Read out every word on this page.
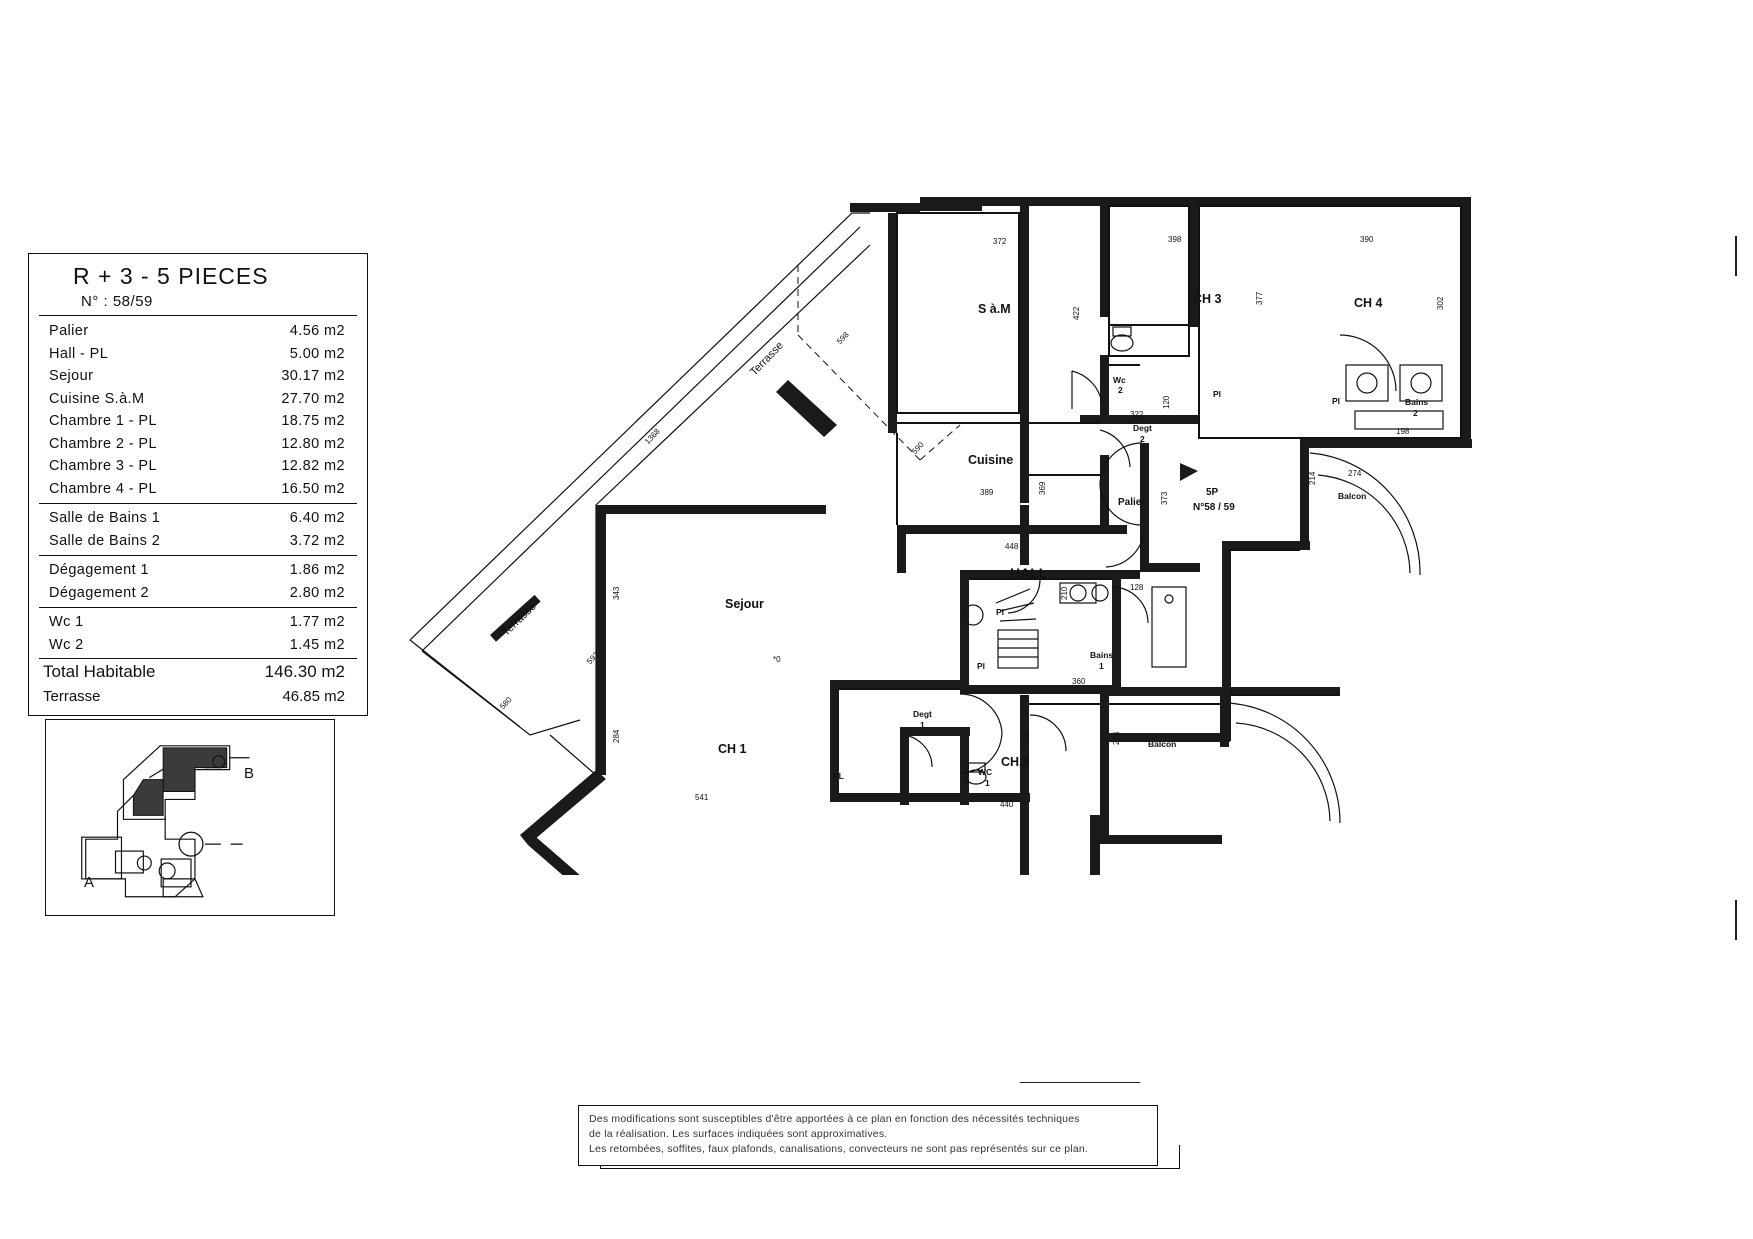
R + 3 - 5 PIECES
N° : 58/59
Palier	4.56 m2
Hall - PL	5.00 m2
Sejour	30.17 m2
Cuisine S.à.M	27.70 m2
Chambre 1 - PL	18.75 m2
Chambre 2 - PL	12.80 m2
Chambre 3 - PL	12.82 m2
Chambre 4 - PL	16.50 m2
Salle de Bains 1	6.40 m2
Salle de Bains 2	3.72 m2
Dégagement 1	1.86 m2
Dégagement 2	2.80 m2
Wc 1	1.77 m2
Wc 2	1.45 m2
Total Habitable	146.30 m2
Terrasse	46.85 m2
B
A
S à.M
CH 3	CH 4
Cuisine
Sejour
CH 1
CH.2
HALL
Palier
Wc
2
WC
1
Bains
2
Bains
1
Degt
2
Degt
1
Balcon
Balcon
Pl
Pl
Pl
Pl
PL
Terrasse
Terrasse
5P
N°58 / 59
372	398	390
302
377
422
322
120
198
274
214
389	369
448
373
128
210
360
440
284	214
541
284
343
1368
598
590
592
580
*0

Des modifications sont susceptibles d'être apportées à ce plan en fonction des nécessités techniques

de la réalisation. Les surfaces indiquées sont approximatives.

Les retombées, soffites, faux plafonds, canalisations, convecteurs ne sont pas représentés sur ce plan.
